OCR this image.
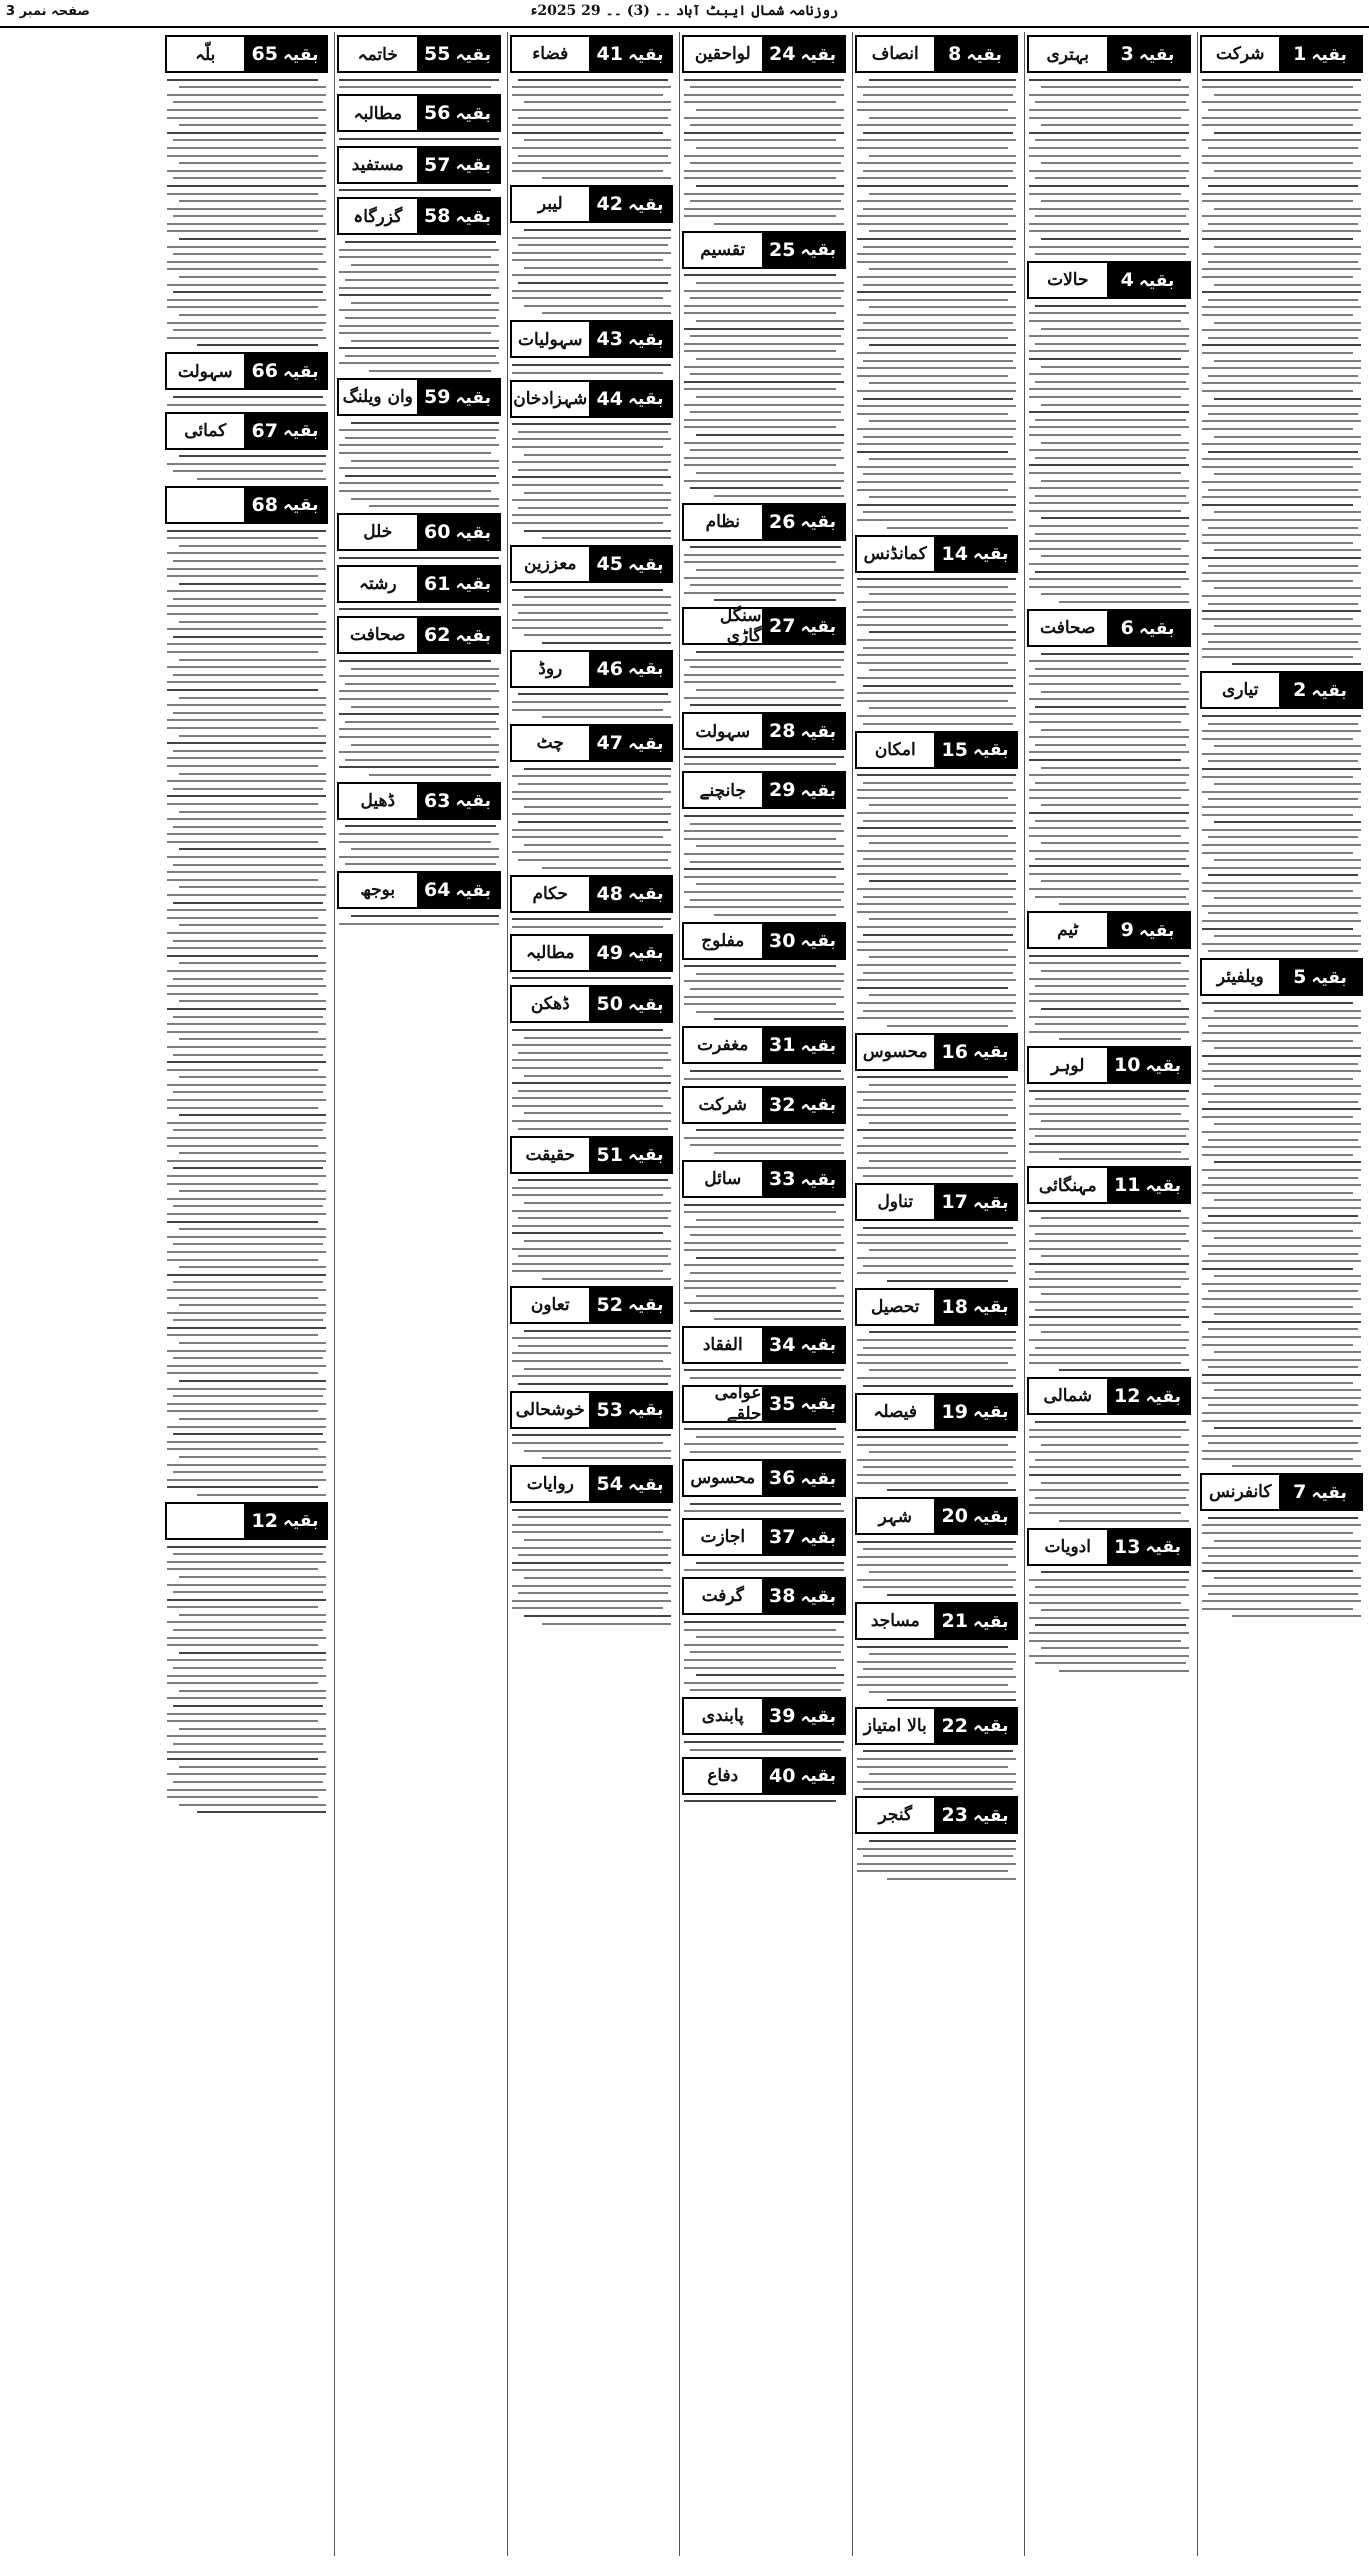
روزنامہ شمال ایبٹ آباد ۔۔ (3) ۔۔ 29 2025ء
صفحہ نمبر 3
بقیہ
1
شرکت
بقیہ
2
تیاری
بقیہ
5
ویلفیئر
بقیہ
7
کانفرنس
بقیہ
3
بہتری
بقیہ
4
حالات
بقیہ
6
صحافت
بقیہ
9
ٹیم
بقیہ
10
لوہر
بقیہ
11
مہنگائی
بقیہ
12
شمالی
بقیہ
13
ادویات
بقیہ
8
انصاف
بقیہ
14
کمانڈنس
بقیہ
15
امکان
بقیہ
16
محسوس
بقیہ
17
تناول
بقیہ
18
تحصیل
بقیہ
19
فیصلہ
بقیہ
20
شہر
بقیہ
21
مساجد
بقیہ
22
بالا امتیاز
بقیہ
23
گنجر
بقیہ
24
لواحقین
بقیہ
25
تقسیم
بقیہ
26
نظام
بقیہ
27
سنگل گاڑی
بقیہ
28
سہولت
بقیہ
29
جانچنے
بقیہ
30
مفلوج
بقیہ
31
مغفرت
بقیہ
32
شرکت
بقیہ
33
سائل
بقیہ
34
الفقاد
بقیہ
35
عوامی حلقے
بقیہ
36
محسوس
بقیہ
37
اجازت
بقیہ
38
گرفت
بقیہ
39
پابندی
بقیہ
40
دفاع
بقیہ
41
فضاء
بقیہ
42
لیبر
بقیہ
43
سہولیات
بقیہ
44
شہزادخان
بقیہ
45
معززین
بقیہ
46
روڈ
بقیہ
47
چٹ
بقیہ
48
حکام
بقیہ
49
مطالبہ
بقیہ
50
ڈھکن
بقیہ
51
حقیقت
بقیہ
52
تعاون
بقیہ
53
خوشحالی
بقیہ
54
روایات
بقیہ
55
خاتمہ
بقیہ
56
مطالبہ
بقیہ
57
مستفید
بقیہ
58
گزرگاہ
بقیہ
59
وان ویلنگ
بقیہ
60
خلل
بقیہ
61
رشتہ
بقیہ
62
صحافت
بقیہ
63
ڈھیل
بقیہ
64
بوجھ
بقیہ
65
بلّہ
بقیہ
66
سہولت
بقیہ
67
کمائی
بقیہ
68
بقیہ
12
